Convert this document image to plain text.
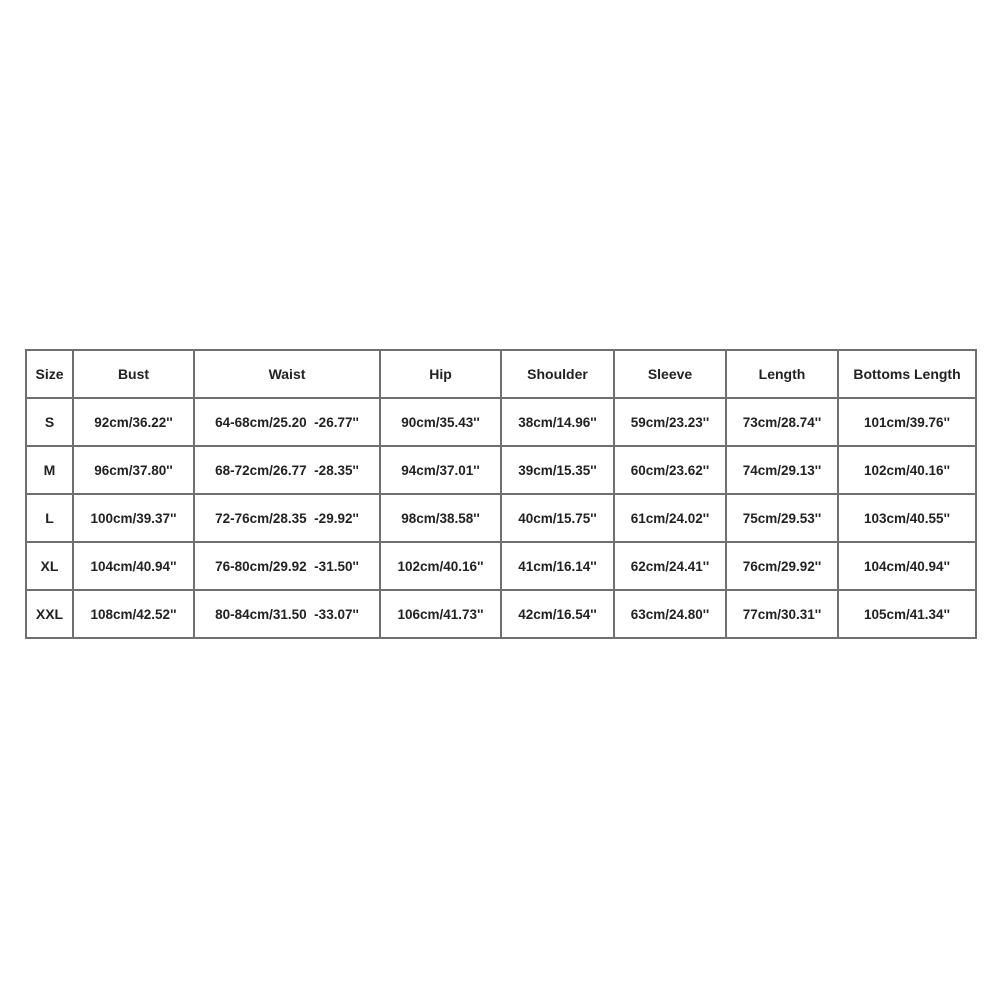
Size	Bust	Waist	Hip	Shoulder	Sleeve	Length	Bottoms Length
S	92cm/36.22''	64-68cm/25.20  -26.77''	90cm/35.43''	38cm/14.96''	59cm/23.23''	73cm/28.74''	101cm/39.76''
M	96cm/37.80''	68-72cm/26.77  -28.35''	94cm/37.01''	39cm/15.35''	60cm/23.62''	74cm/29.13''	102cm/40.16''
L	100cm/39.37''	72-76cm/28.35  -29.92''	98cm/38.58''	40cm/15.75''	61cm/24.02''	75cm/29.53''	103cm/40.55''
XL	104cm/40.94''	76-80cm/29.92  -31.50''	102cm/40.16''	41cm/16.14''	62cm/24.41''	76cm/29.92''	104cm/40.94''
XXL	108cm/42.52''	80-84cm/31.50  -33.07''	106cm/41.73''	42cm/16.54''	63cm/24.80''	77cm/30.31''	105cm/41.34''
